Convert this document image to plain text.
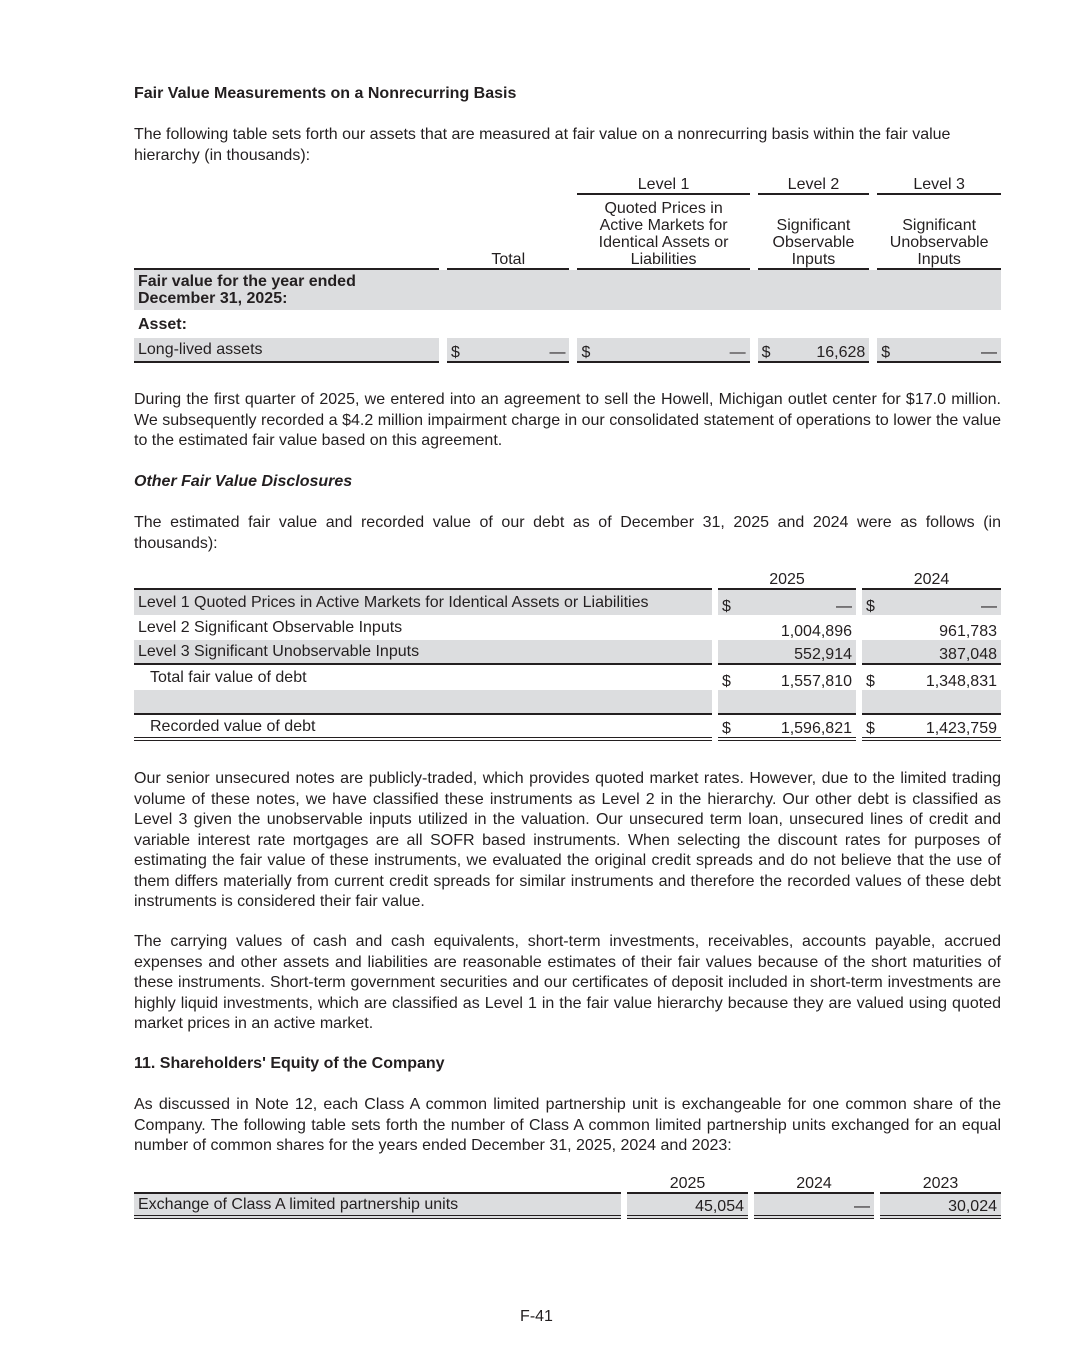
Fair Value Measurements on a Nonrecurring Basis
The following table sets forth our assets that are measured at fair value on a nonrecurring basis within the fair value hierarchy (in thousands):
				Level 1		Level 2		Level 3
		Total		Quoted Prices in Active Markets for Identical Assets or Liabilities		Significant Observable Inputs		Significant Unobservable Inputs
Fair value for the year ended December 31, 2025:								
Asset:								
Long-lived assets		$ —		$ —		$ 16,628		$ —
During the first quarter of 2025, we entered into an agreement to sell the Howell, Michigan outlet center for $17.0 million. We subsequently recorded a $4.2 million impairment charge in our consolidated statement of operations to lower the value to the estimated fair value based on this agreement.
Other Fair Value Disclosures
The estimated fair value and recorded value of our debt as of December 31, 2025 and 2024 were as follows (in thousands):
		2025		2024
Level 1 Quoted Prices in Active Markets for Identical Assets or Liabilities		$ —		$ —

Level 2 Significant Observable Inputs		1,004,896		961,783
Level 3 Significant Unobservable Inputs		552,914		387,048
Total fair value of debt		$ 1,557,810		$ 1,348,831

Recorded value of debt		$ 1,596,821		$ 1,423,759
Our senior unsecured notes are publicly-traded, which provides quoted market rates. However, due to the limited trading volume of these notes, we have classified these instruments as Level 2 in the hierarchy. Our other debt is classified as Level 3 given the unobservable inputs utilized in the valuation. Our unsecured term loan, unsecured lines of credit and variable interest rate mortgages are all SOFR based instruments. When selecting the discount rates for purposes of estimating the fair value of these instruments, we evaluated the original credit spreads and do not believe that the use of them differs materially from current credit spreads for similar instruments and therefore the recorded values of these debt instruments is considered their fair value.
The carrying values of cash and cash equivalents, short-term investments, receivables, accounts payable, accrued expenses and other assets and liabilities are reasonable estimates of their fair values because of the short maturities of these instruments. Short-term government securities and our certificates of deposit included in short-term investments are highly liquid investments, which are classified as Level 1 in the fair value hierarchy because they are valued using quoted market prices in an active market.
11. Shareholders' Equity of the Company
As discussed in Note 12, each Class A common limited partnership unit is exchangeable for one common share of the Company. The following table sets forth the number of Class A common limited partnership units exchanged for an equal number of common shares for the years ended December 31, 2025, 2024 and 2023:
		2025		2024		2023
Exchange of Class A limited partnership units		45,054		—		30,024
F-41
